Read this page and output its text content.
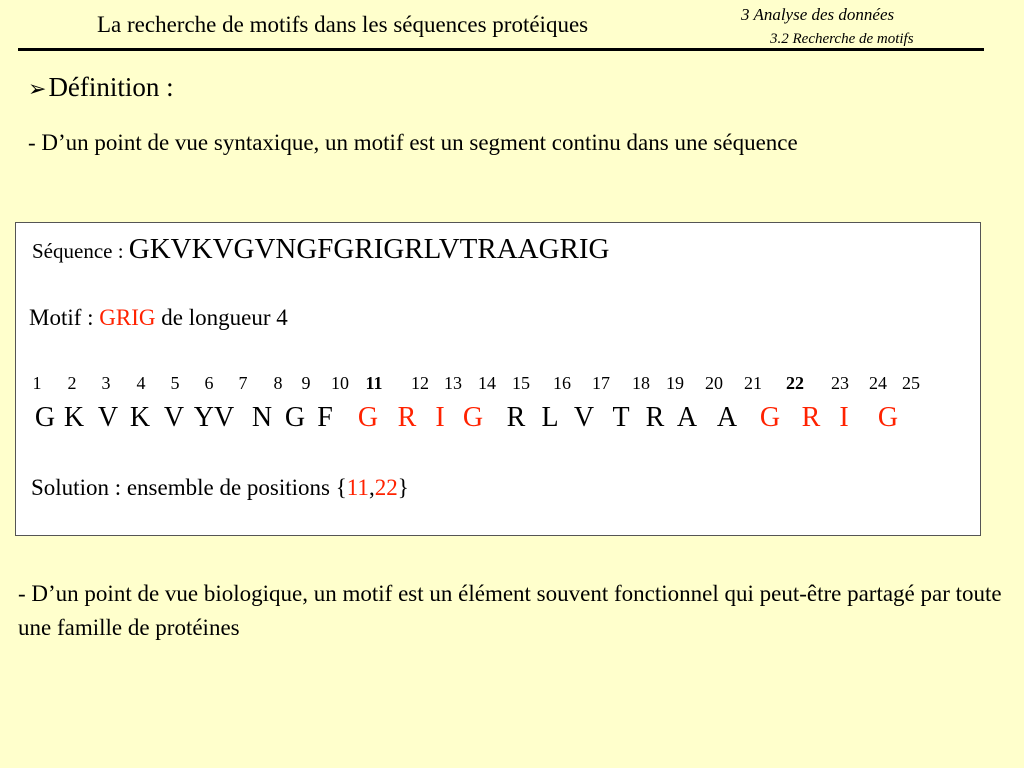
La recherche de motifs dans les séquences protéiques	3 Analyse des données
3.2 Recherche de motifs
➢Définition :
- D’un point de vue syntaxique, un motif est un segment continu dans une séquence
Séquence : GKVKVGVNGFGRIGRLVTRAAGRIG
Motif : GRIG de longueur 4
1 2 3 4 5 6 7 8 9 10 11 12 13 14 15 16 17 18 19 20 21 22 23 24 25
G K V K V YV N G F G R I G R L V T R A A G R I G
Solution : ensemble de positions {11,22}
- D’un point de vue biologique, un motif est un élément souvent fonctionnel qui peut-être partagé par toute une famille de protéines
